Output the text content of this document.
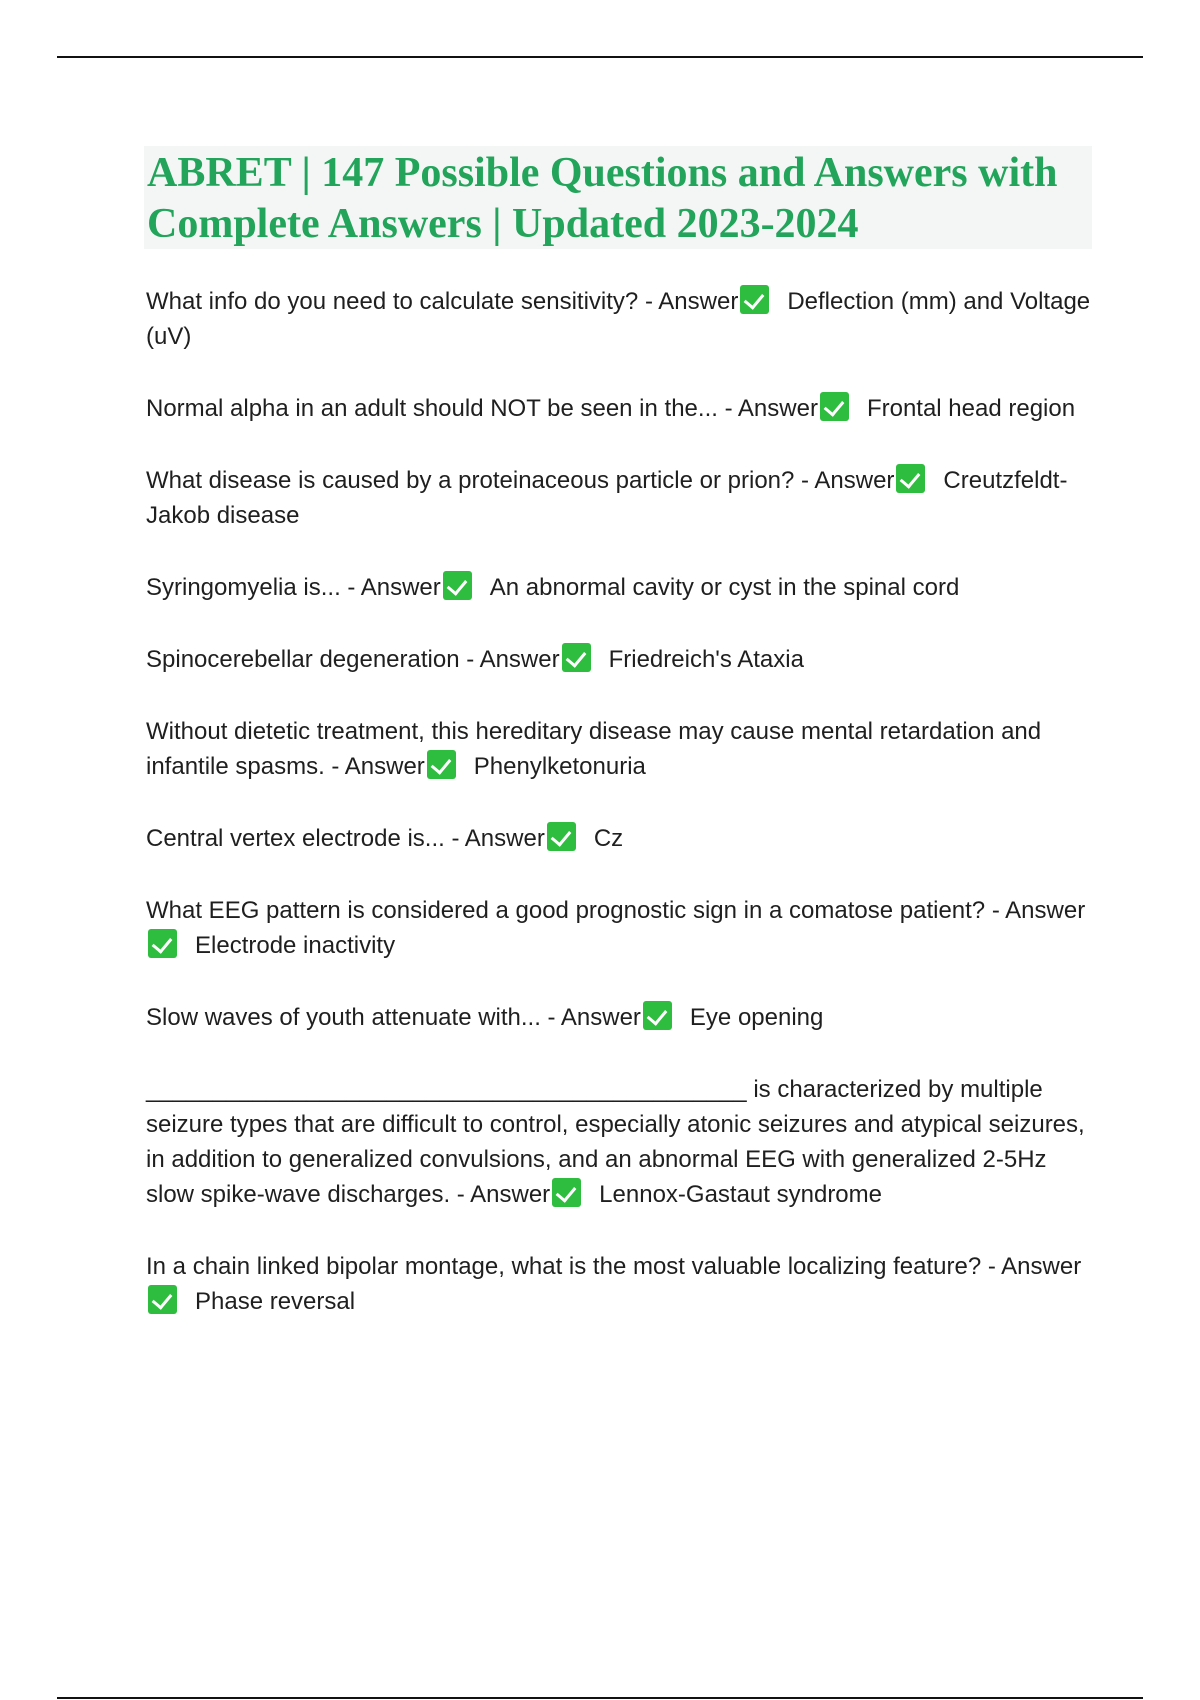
ABRET | 147 Possible Questions and Answers with Complete Answers | Updated 2023-2024

What info do you need to calculate sensitivity? - Answer Deflection (mm) and Voltage (uV)

Normal alpha in an adult should NOT be seen in the... - Answer Frontal head region

What disease is caused by a proteinaceous particle or prion? - Answer Creutzfeldt-Jakob disease

Syringomyelia is... - Answer An abnormal cavity or cyst in the spinal cord

Spinocerebellar degeneration - Answer Friedreich's Ataxia

Without dietetic treatment, this hereditary disease may cause mental retardation and infantile spasms. - Answer Phenylketonuria

Central vertex electrode is... - Answer Cz

What EEG pattern is considered a good prognostic sign in a comatose patient? - AnswerElectrode inactivity

Slow waves of youth attenuate with... - Answer Eye opening

_____________________________________________ is characterized by multiple seizure types that are difficult to control, especially atonic seizures and atypical seizures, in addition to generalized convulsions, and an abnormal EEG with generalized 2-5Hz slow spike-wave discharges. - Answer Lennox-Gastaut syndrome

In a chain linked bipolar montage, what is the most valuable localizing feature? - AnswerPhase reversal
